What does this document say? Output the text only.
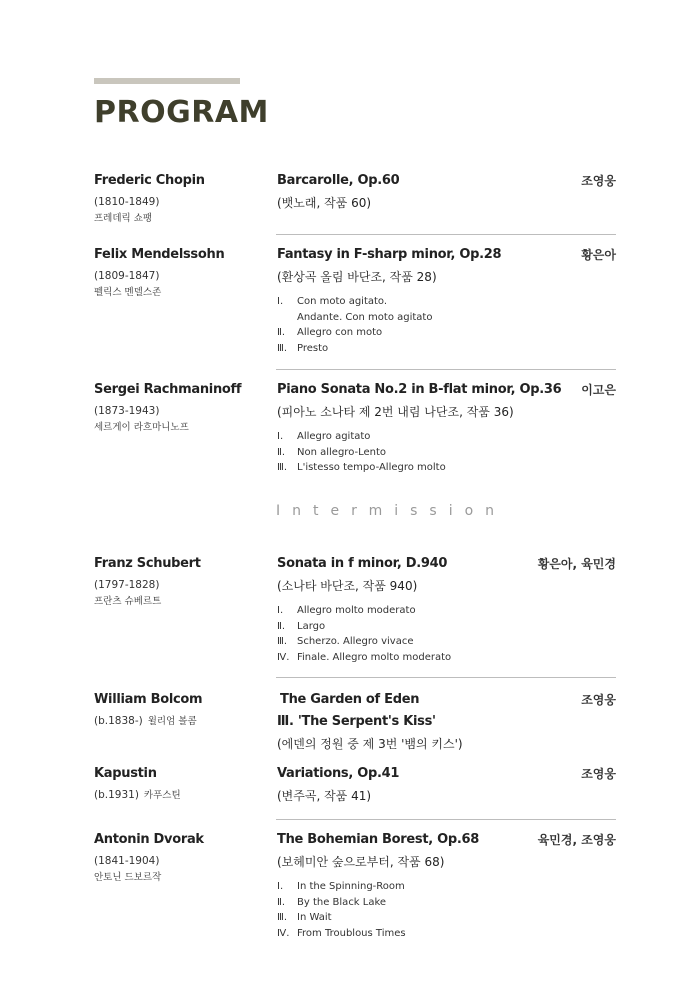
PROGRAM
Frederic Chopin
(1810-1849)
프레데릭 쇼팽
Barcarolle, Op.60
(뱃노래, 작품 60)
조영웅
Felix Mendelssohn
(1809-1847)
펠릭스 멘델스존
Fantasy in F-sharp minor, Op.28
(환상곡 올림 바단조, 작품 28)
Ⅰ.	Con moto agitato.
Andante. Con moto agitato
Ⅱ.	Allegro con moto
Ⅲ. Presto
황은아
Sergei Rachmaninoff
(1873-1943)
세르게이 라흐마니노프
Piano Sonata No.2 in B-flat minor, Op.36
(피아노 소나타 제 2번 내림 나단조, 작품 36)
Ⅰ.	Allegro agitato
Ⅱ.	Non allegro-Lento
Ⅲ. L'istesso tempo-Allegro molto
이고은
Intermission
Franz Schubert
(1797-1828)
프란츠 슈베르트
Sonata in f minor, D.940
(소나타 바단조, 작품 940)
Ⅰ.	Allegro molto moderato
Ⅱ.	Largo
Ⅲ. Scherzo. Allegro vivace
Ⅳ. Finale. Allegro molto moderato
황은아, 육민경
William Bolcom
(b.1838-) 윌리엄 볼콤
The Garden of Eden
Ⅲ. 'The Serpent's Kiss'
(에덴의 정원 중 제 3번 '뱀의 키스')
조영웅
Kapustin
(b.1931) 카푸스틴
Variations, Op.41
(변주곡, 작품 41)
조영웅
Antonin Dvorak
(1841-1904)
안토닌 드보르작
The Bohemian Borest, Op.68
(보헤미안 숲으로부터, 작품 68)
Ⅰ.	In the Spinning-Room
Ⅱ.	By the Black Lake
Ⅲ. In Wait
Ⅳ. From Troublous Times
육민경, 조영웅
